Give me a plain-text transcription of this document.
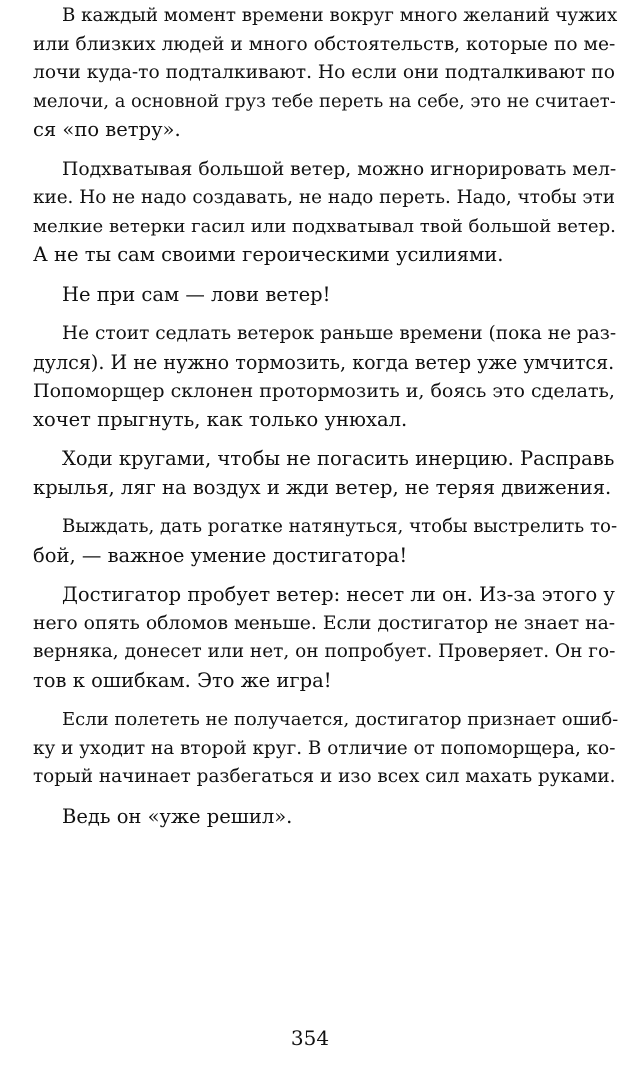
В каждый момент времени вокруг много желаний чужих
или близких людей и много обстоятельств, которые по ме-
лочи куда-то подталкивают. Но если они подталкивают по
мелочи, а основной груз тебе переть на себе, это не считает-
ся «по ветру».
Подхватывая большой ветер, можно игнорировать мел-
кие. Но не надо создавать, не надо переть. Надо, чтобы эти
мелкие ветерки гасил или подхватывал твой большой ветер.
А не ты сам своими героическими усилиями.
Не при сам — лови ветер!
Не стоит седлать ветерок раньше времени (пока не раз-
дулся). И не нужно тормозить, когда ветер уже умчится.
Попоморщер склонен протормозить и, боясь это сделать,
хочет прыгнуть, как только унюхал.
Ходи кругами, чтобы не погасить инерцию. Расправь
крылья, ляг на воздух и жди ветер, не теряя движения.
Выждать, дать рогатке натянуться, чтобы выстрелить то-
бой, — важное умение достигатора!
Достигатор пробует ветер: несет ли он. Из-за этого у
него опять обломов меньше. Если достигатор не знает на-
верняка, донесет или нет, он попробует. Проверяет. Он го-
тов к ошибкам. Это же игра!
Если полететь не получается, достигатор признает ошиб-
ку и уходит на второй круг. В отличие от попоморщера, ко-
торый начинает разбегаться и изо всех сил махать руками.
Ведь он «уже решил».
354
